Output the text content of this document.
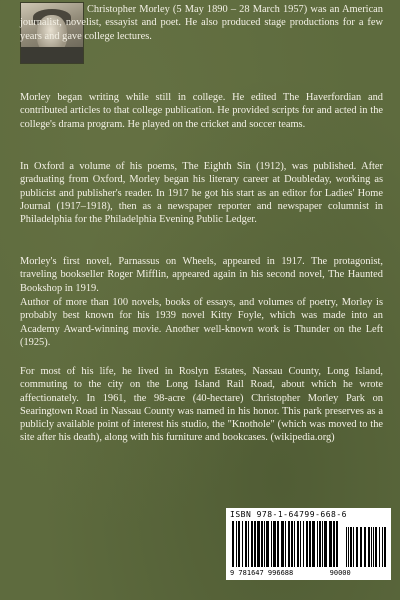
Christopher Morley (5 May 1890 – 28 March 1957) was an American journalist, novelist, essayist and poet. He also produced stage productions for a few years and gave college lectures.

Morley began writing while still in college. He edited The Haverfordian and contributed articles to that college publication. He provided scripts for and acted in the college's drama program. He played on the cricket and soccer teams.

In Oxford a volume of his poems, The Eighth Sin (1912), was published. After graduating from Oxford, Morley began his literary career at Doubleday, working as publicist and publisher's reader. In 1917 he got his start as an editor for Ladies' Home Journal (1917–1918), then as a newspaper reporter and newspaper columnist in Philadelphia for the Philadelphia Evening Public Ledger.

Morley's first novel, Parnassus on Wheels, appeared in 1917. The protagonist, traveling bookseller Roger Mifflin, appeared again in his second novel, The Haunted Bookshop in 1919.

Author of more than 100 novels, books of essays, and volumes of poetry, Morley is probably best known for his 1939 novel Kitty Foyle, which was made into an Academy Award-winning movie. Another well-known work is Thunder on the Left (1925).

For most of his life, he lived in Roslyn Estates, Nassau County, Long Island, commuting to the city on the Long Island Rail Road, about which he wrote affectionately. In 1961, the 98-acre (40-hectare) Christopher Morley Park on Searingtown Road in Nassau County was named in his honor. This park preserves as a publicly available point of interest his studio, the "Knothole" (which was moved to the site after his death), along with his furniture and bookcases. (wikipedia.org)

ISBN 978-1-64799-668-6
9 781647 996688	90000
